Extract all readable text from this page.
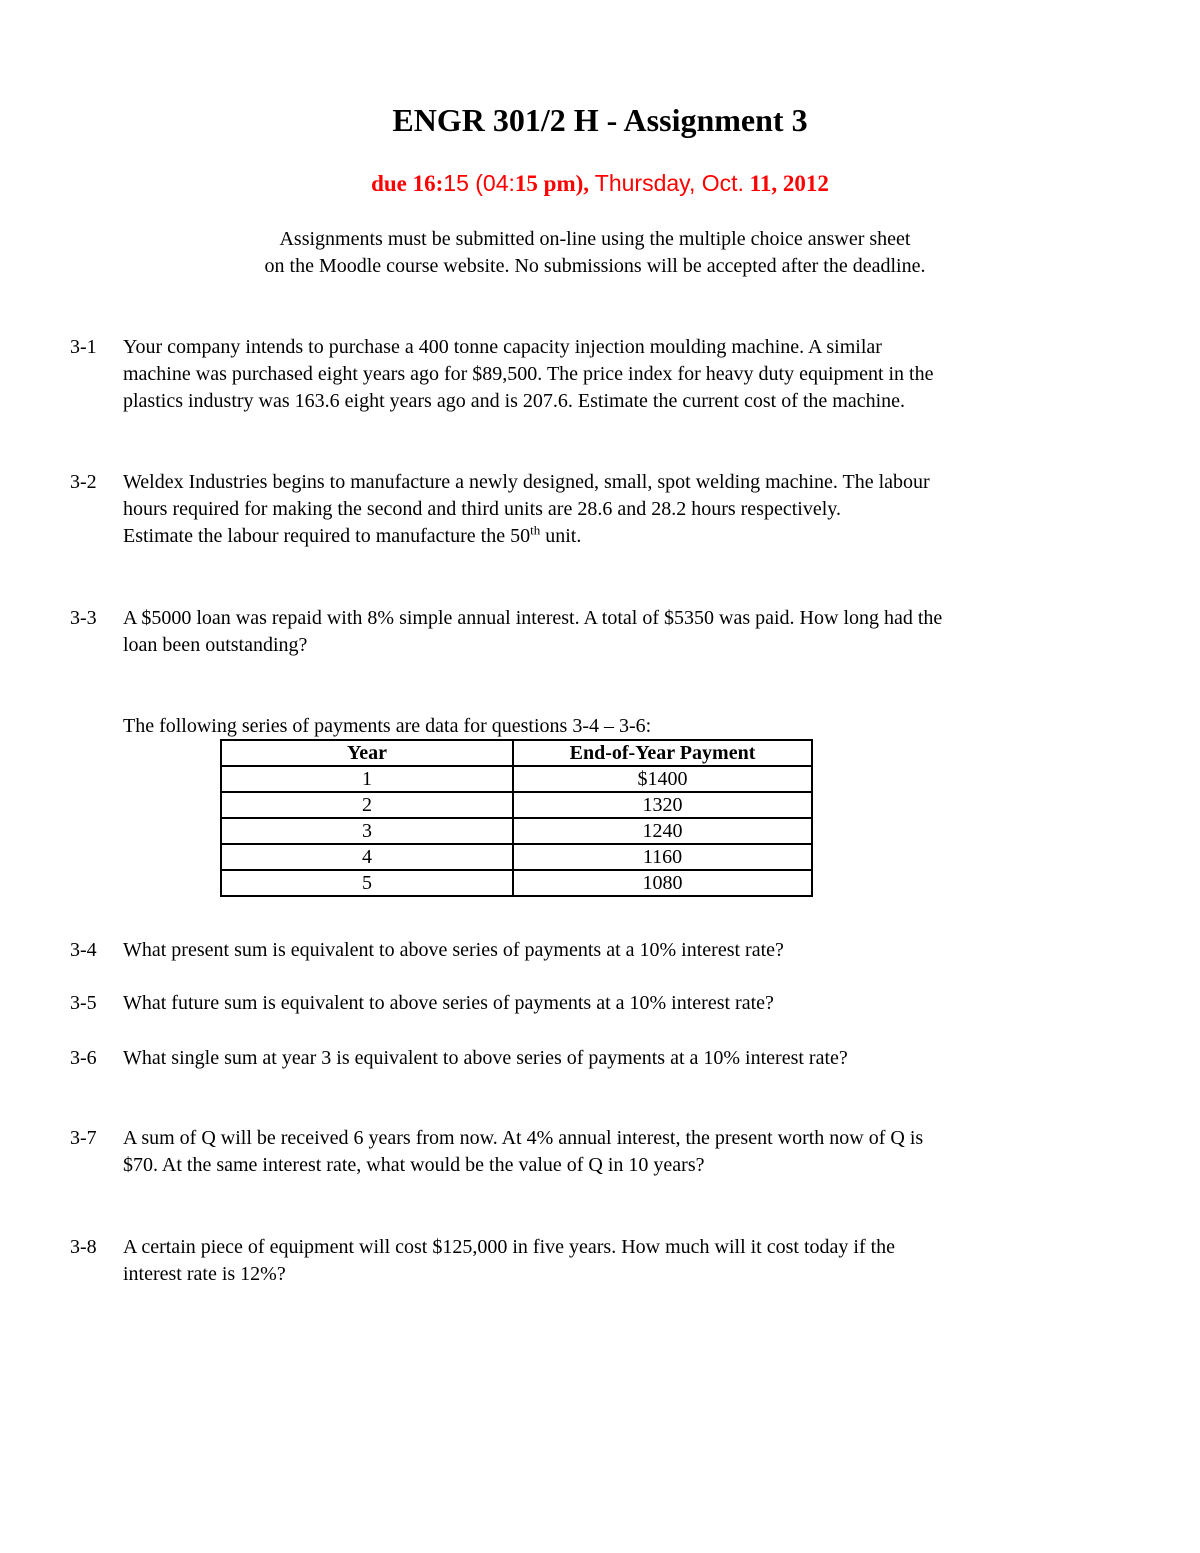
ENGR 301/2 H - Assignment 3
due 16:15 (04:15 pm), Thursday, Oct. 11, 2012
Assignments must be submitted on-line using the multiple choice answer sheet
on the Moodle course website. No submissions will be accepted after the deadline.
3-1 Your company intends to purchase a 400 tonne capacity injection moulding machine. A similar
machine was purchased eight years ago for $89,500. The price index for heavy duty equipment in the
plastics industry was 163.6 eight years ago and is 207.6. Estimate the current cost of the machine.
3-2 Weldex Industries begins to manufacture a newly designed, small, spot welding machine. The labour
hours required for making the second and third units are 28.6 and 28.2 hours respectively.
Estimate the labour required to manufacture the 50th unit.
3-3 A $5000 loan was repaid with 8% simple annual interest. A total of $5350 was paid. How long had the
loan been outstanding?
The following series of payments are data for questions 3-4 – 3-6:
Year	End-of-Year Payment
1	$1400
2	1320
3	1240
4	1160
5	1080
3-4 What present sum is equivalent to above series of payments at a 10% interest rate?
3-5 What future sum is equivalent to above series of payments at a 10% interest rate?
3-6 What single sum at year 3 is equivalent to above series of payments at a 10% interest rate?
3-7 A sum of Q will be received 6 years from now. At 4% annual interest, the present worth now of Q is
$70. At the same interest rate, what would be the value of Q in 10 years?
3-8 A certain piece of equipment will cost $125,000 in five years. How much will it cost today if the
interest rate is 12%?
